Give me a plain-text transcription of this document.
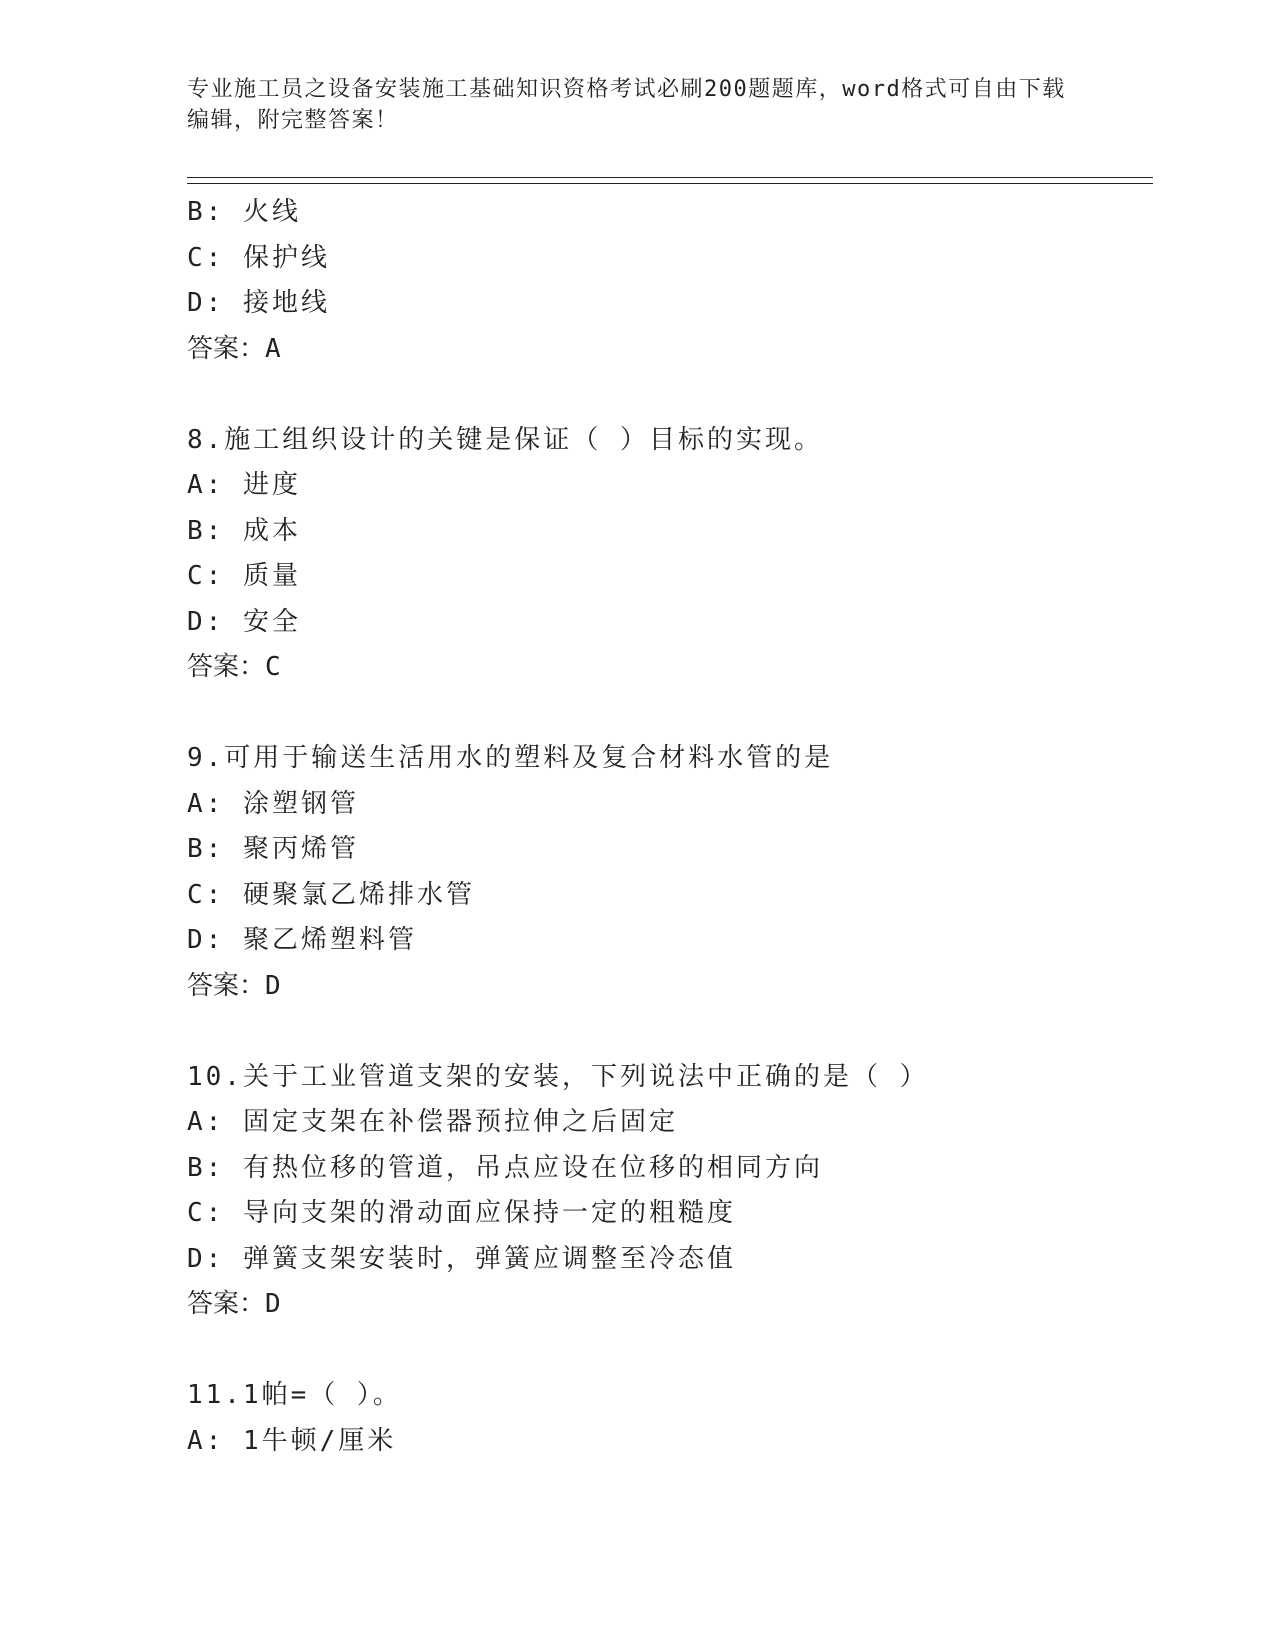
专业施工员之设备安装施工基础知识资格考试必刷200题题库，word格式可自由下载编辑，附完整答案！
B: 火线
C: 保护线
D: 接地线
答案：A
8.施工组织设计的关键是保证（ ）目标的实现。
A: 进度
B: 成本
C: 质量
D: 安全
答案：C
9.可用于输送生活用水的塑料及复合材料水管的是
A: 涂塑钢管
B: 聚丙烯管
C: 硬聚氯乙烯排水管
D: 聚乙烯塑料管
答案：D
10.关于工业管道支架的安装，下列说法中正确的是（ ）
A: 固定支架在补偿器预拉伸之后固定
B: 有热位移的管道，吊点应设在位移的相同方向
C: 导向支架的滑动面应保持一定的粗糙度
D: 弹簧支架安装时，弹簧应调整至冷态值
答案：D
11.1帕=（ ）。
A: 1牛顿/厘米
